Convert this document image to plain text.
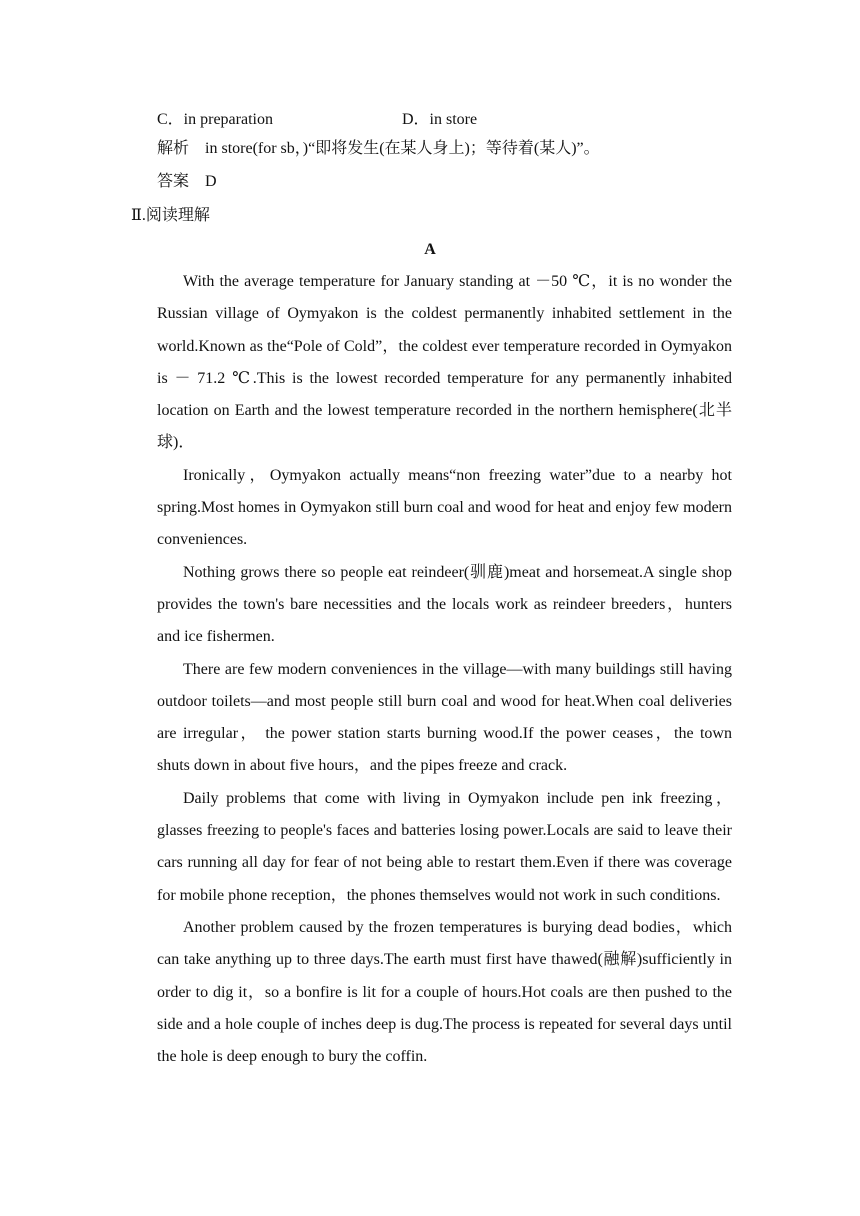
C．in preparation	D．in store
解析 in store(for sb，)“即将发生(在某人身上)；等待着(某人)”。
答案 D
Ⅱ.阅读理解
A

With the average temperature for January standing at －50 ℃，it is no wonder the Russian village of Oymyakon is the coldest permanently inhabited settlement in the world.Known as the“Pole of Cold”，the coldest ever temperature recorded in Oymyakon is － 71.2 ℃.This is the lowest recorded temperature for any permanently inhabited location on Earth and the lowest temperature recorded in the northern hemisphere(北半球)．

Ironically，Oymyakon actually means“non freezing water”due to a nearby hot spring.Most homes in Oymyakon still burn coal and wood for heat and enjoy few modern conveniences.

Nothing grows there so people eat reindeer(驯鹿)meat and horsemeat.A single shop provides the town's bare necessities and the locals work as reindeer breeders，hunters and ice fishermen.

There are few modern conveniences in the village—with many buildings still having outdoor toilets—and most people still burn coal and wood for heat.When coal deliveries are irregular， the power station starts burning wood.If the power ceases，the town shuts down in about five hours，and the pipes freeze and crack.

Daily problems that come with living in Oymyakon include pen ink freezing，glasses freezing to people's faces and batteries losing power.Locals are said to leave their cars running all day for fear of not being able to restart them.Even if there was coverage for mobile phone reception，the phones themselves would not work in such conditions.

Another problem caused by the frozen temperatures is burying dead bodies，which can take anything up to three days.The earth must first have thawed(融解)sufficiently in order to dig it，so a bonfire is lit for a couple of hours.Hot coals are then pushed to the side and a hole couple of inches deep is dug.The process is repeated for several days until the hole is deep enough to bury the coffin.
